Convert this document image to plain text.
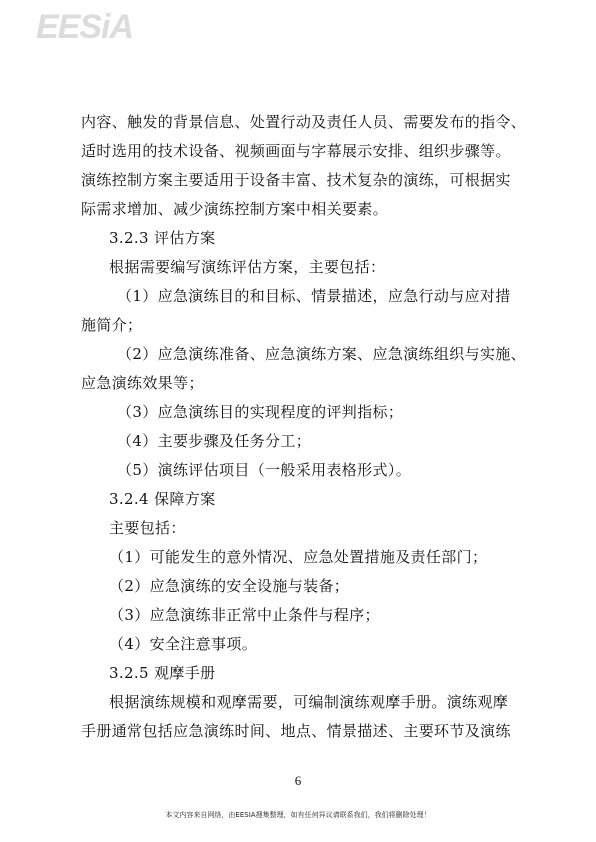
EESiA
内容、触发的背景信息、处置行动及责任人员、需要发布的指令、
适时选用的技术设备、视频画面与字幕展示安排、组织步骤等。
演练控制方案主要适用于设备丰富、技术复杂的演练，可根据实
际需求增加、减少演练控制方案中相关要素。
3.2.3 评估方案
根据需要编写演练评估方案，主要包括：
（1）应急演练目的和目标、情景描述，应急行动与应对措
施简介；
（2）应急演练准备、应急演练方案、应急演练组织与实施、
应急演练效果等；
（3）应急演练目的实现程度的评判指标；
（4）主要步骤及任务分工；
（5）演练评估项目（一般采用表格形式）。
3.2.4 保障方案
主要包括：
（1）可能发生的意外情况、应急处置措施及责任部门；
（2）应急演练的安全设施与装备；
（3）应急演练非正常中止条件与程序；
（4）安全注意事项。
3.2.5 观摩手册
根据演练规模和观摩需要，可编制演练观摩手册。演练观摩
手册通常包括应急演练时间、地点、情景描述、主要环节及演练
6
本文内容来自网络，由EESIA搜集整理，如有任何异议请联系我们，我们将删除处理！
